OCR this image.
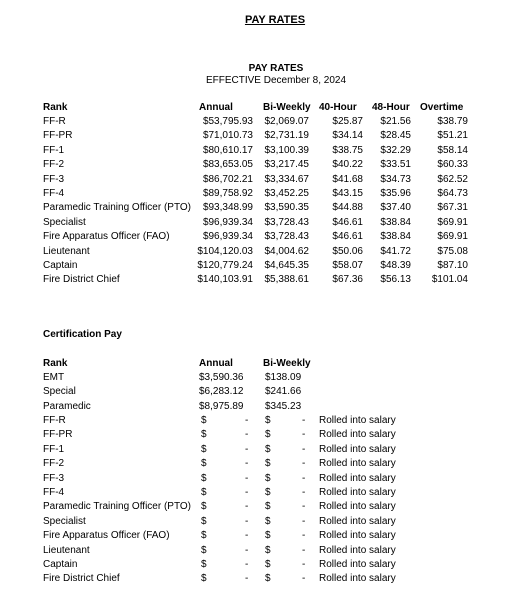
PAY RATES
PAY RATES
EFFECTIVE December 8, 2024
Rank	Annual	Bi-Weekly 40-Hour 48-Hour Overtime
FF-R	$53,795.93 $2,069.07 $25.87 $21.56	$38.79
FF-PR	$71,010.73 $2,731.19 $34.14 $28.45	$51.21
FF-1	$80,610.17 $3,100.39 $38.75 $32.29	$58.14
FF-2	$83,653.05 $3,217.45 $40.22 $33.51	$60.33
FF-3	$86,702.21 $3,334.67 $41.68 $34.73	$62.52
FF-4	$89,758.92 $3,452.25 $43.15 $35.96	$64.73
Paramedic Training Officer (PTO) $93,348.99 $3,590.35 $44.88 $37.40	$67.31
Specialist	$96,939.34 $3,728.43 $46.61 $38.84	$69.91
Fire Apparatus Officer (FAO)	$96,939.34 $3,728.43 $46.61 $38.84	$69.91
Lieutenant	$104,120.03 $4,004.62 $50.06 $41.72	$75.08
Captain	$120,779.24 $4,645.35 $58.07 $48.39	$87.10
Fire District Chief	$140,103.91 $5,388.61 $67.36 $56.13 $101.04
Certification Pay
Rank	Annual	Bi-Weekly
EMT	$3,590.36 $138.09
Special	$6,283.12 $241.66
Paramedic	$8,975.89 $345.23
FF-R	$	- $	- Rolled into salary
FF-PR	$	- $	- Rolled into salary
FF-1	$	- $	- Rolled into salary
FF-2	$	- $	- Rolled into salary
FF-3	$	- $	- Rolled into salary
FF-4	$	- $	- Rolled into salary
Paramedic Training Officer (PTO) $	- $	- Rolled into salary
Specialist	$	- $	- Rolled into salary
Fire Apparatus Officer (FAO)	$	- $	- Rolled into salary
Lieutenant	$	- $	- Rolled into salary
Captain	$	- $	- Rolled into salary
Fire District Chief	$	- $	- Rolled into salary
